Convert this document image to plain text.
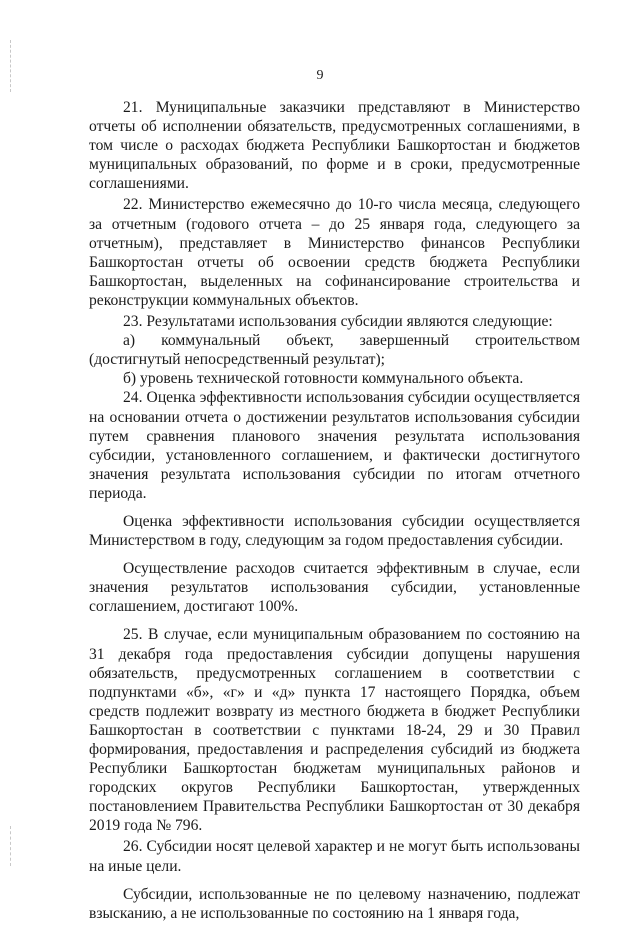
9

21. Муниципальные заказчики представляют в Министерство отчеты об исполнении обязательств, предусмотренных соглашениями, в том числе о расходах бюджета Республики Башкортостан и бюджетов муниципальных образований, по форме и в сроки, предусмотренные соглашениями.

22. Министерство ежемесячно до 10-го числа месяца, следующего за отчетным (годового отчета – до 25 января года, следующего за отчетным), представляет в Министерство финансов Республики Башкортостан отчеты об освоении средств бюджета Республики Башкортостан, выделенных на софинансирование строительства и реконструкции коммунальных объектов.

23. Результатами использования субсидии являются следующие:

а) коммунальный объект, завершенный строительством (достигнутый непосредственный результат);

б) уровень технической готовности коммунального объекта.

24. Оценка эффективности использования субсидии осуществляется на основании отчета о достижении результатов использования субсидии путем сравнения планового значения результата использования субсидии, установленного соглашением, и фактически достигнутого значения результата использования субсидии по итогам отчетного периода.

Оценка эффективности использования субсидии осуществляется Министерством в году, следующим за годом предоставления субсидии.

Осуществление расходов считается эффективным в случае, если значения результатов использования субсидии, установленные соглашением, достигают 100%.

25. В случае, если муниципальным образованием по состоянию на 31 декабря года предоставления субсидии допущены нарушения обязательств, предусмотренных соглашением в соответствии с подпунктами «б», «г» и «д» пункта 17 настоящего Порядка, объем средств подлежит возврату из местного бюджета в бюджет Республики Башкортостан в соответствии с пунктами 18-24, 29 и 30 Правил формирования, предоставления и распределения субсидий из бюджета Республики Башкортостан бюджетам муниципальных районов и городских округов Республики Башкортостан, утвержденных постановлением Правительства Республики Башкортостан от 30 декабря 2019 года № 796.

26. Субсидии носят целевой характер и не могут быть использованы на иные цели.

Субсидии, использованные не по целевому назначению, подлежат взысканию, а не использованные по состоянию на 1 января года,
